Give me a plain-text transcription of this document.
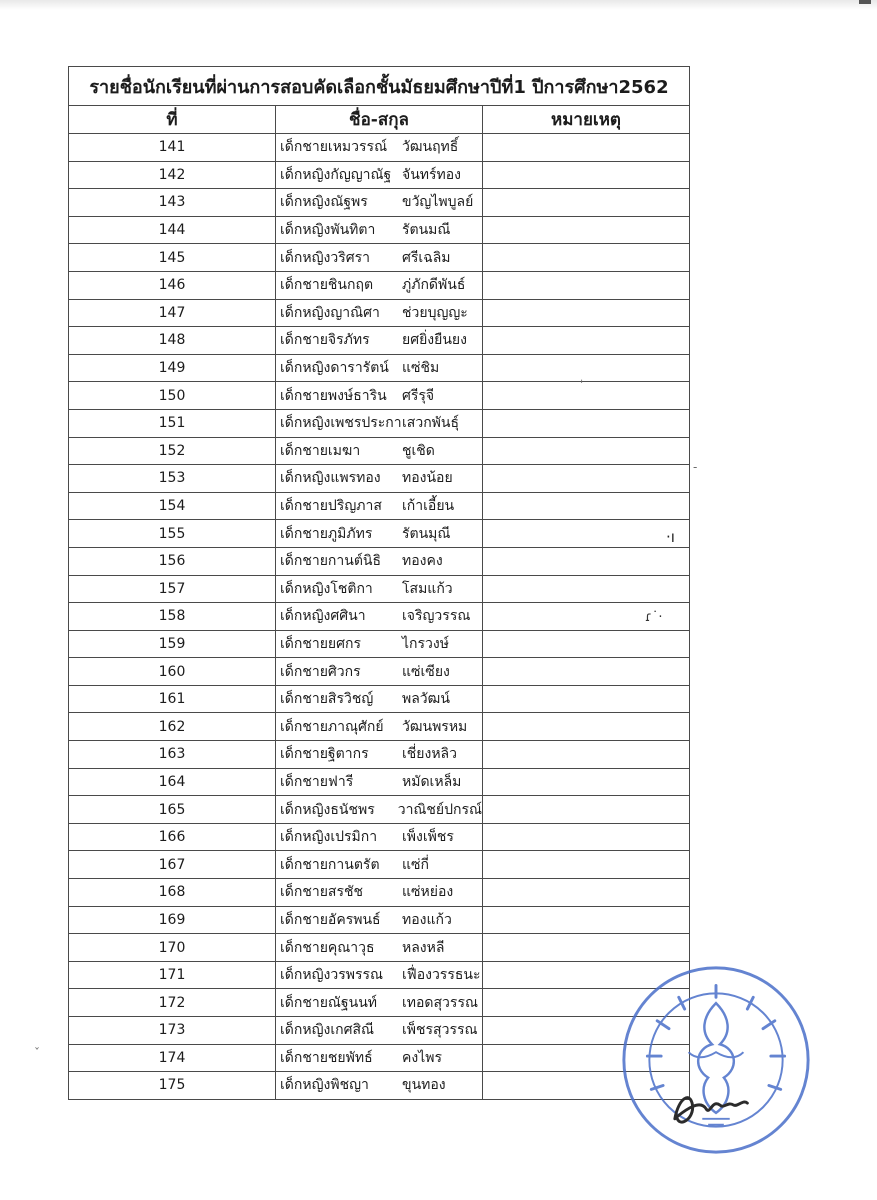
รายชื่อนักเรียนที่ผ่านการสอบคัดเลือกชั้นมัธยมศึกษาปีที่1 ปีการศึกษา2562		
ที่	ชื่อ-สกุล	หมายเหตุ
141	เด็กชายเหมวรรณ์ วัฒนฤทธิ์	

142	เด็กหญิงกัญญาณัฐ จันทร์ทอง	

143	เด็กหญิงณัฐพร ขวัญไพบูลย์	

144	เด็กหญิงพันทิตา รัตนมณี	

145	เด็กหญิงวริศรา ศรีเฉลิม	

146	เด็กชายชินกฤต ภู่ภักดีพันธ์	

147	เด็กหญิงญาณิศา ช่วยบุญญะ	

148	เด็กชายจิรภัทร ยศยิ่งยืนยง	

149	เด็กหญิงดารารัตน์ แซ่ชิม	

150	เด็กชายพงษ์ธาริน ศรีรุจี	

151	เด็กหญิงเพชรประกา เสวกพันธุ์	

152	เด็กชายเมฆา ชูเชิด	

153	เด็กหญิงแพรทอง ทองน้อย	

154	เด็กชายปริญภาส เก้าเอี้ยน	

155	เด็กชายภูมิภัทร รัตนมุณี	

156	เด็กชายกานต์นิธิ ทองคง	

157	เด็กหญิงโชติกา โสมแก้ว	

158	เด็กหญิงศศินา เจริญวรรณ	

159	เด็กชายยศกร ไกรวงษ์	

160	เด็กชายศิวกร แซ่เซียง	

161	เด็กชายสิรวิชญ์ พลวัฒน์	

162	เด็กชายภาณุศักย์ วัฒนพรหม	

163	เด็กชายฐิตากร เชี่ยงหลิว	

164	เด็กชายฟารี หมัดเหล็ม	

165	เด็กหญิงธนัชพร วาณิชย์ปกรณ์	

166	เด็กหญิงเปรมิกา เพ็งเพ็ชร	

167	เด็กชายกานตรัต แซ่กี่	

168	เด็กชายสรชัช แซ่หย่อง	

169	เด็กชายอัครพนธ์ ทองแก้ว	

170	เด็กชายคุณาวุธ หลงหลี	

171	เด็กหญิงวรพรรณ เฟื่องวรรธนะ	

172	เด็กชายณัฐนนท์ เทอดสุวรรณ	

173	เด็กหญิงเกศสิณี เพ็ชรสุวรรณ	

174	เด็กชายชยพัทธ์ คงไพร	

175	เด็กหญิงพิชญา ขุนทอง	

ˈ
-
·ı
ɾ˙·
ˇ
